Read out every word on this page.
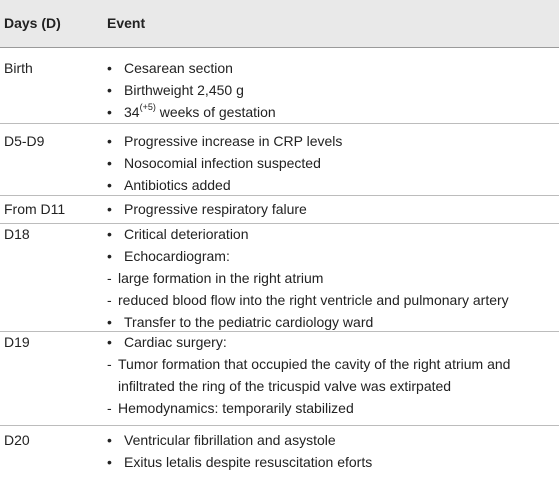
Days (D)	Event
Birth	• Cesarean section
• Birthweight 2,450 g
• $34^{(+5)}$ weeks of gestation
D5-D9	• Progressive increase in CRP levels
• Nosocomial infection suspected
• Antibiotics added
From D11	• Progressive respiratory falure
D18	• Critical deterioration
• Echocardiogram:
- large formation in the right atrium
- reduced blood flow into the right ventricle and pulmonary artery
• Transfer to the pediatric cardiology ward
D19	• Cardiac surgery:
- Tumor formation that occupied the cavity of the right atrium and
infiltrated the ring of the tricuspid valve was extirpated
- Hemodynamics: temporarily stabilized
D20	• Ventricular fibrillation and asystole
• Exitus letalis despite resuscitation eforts
